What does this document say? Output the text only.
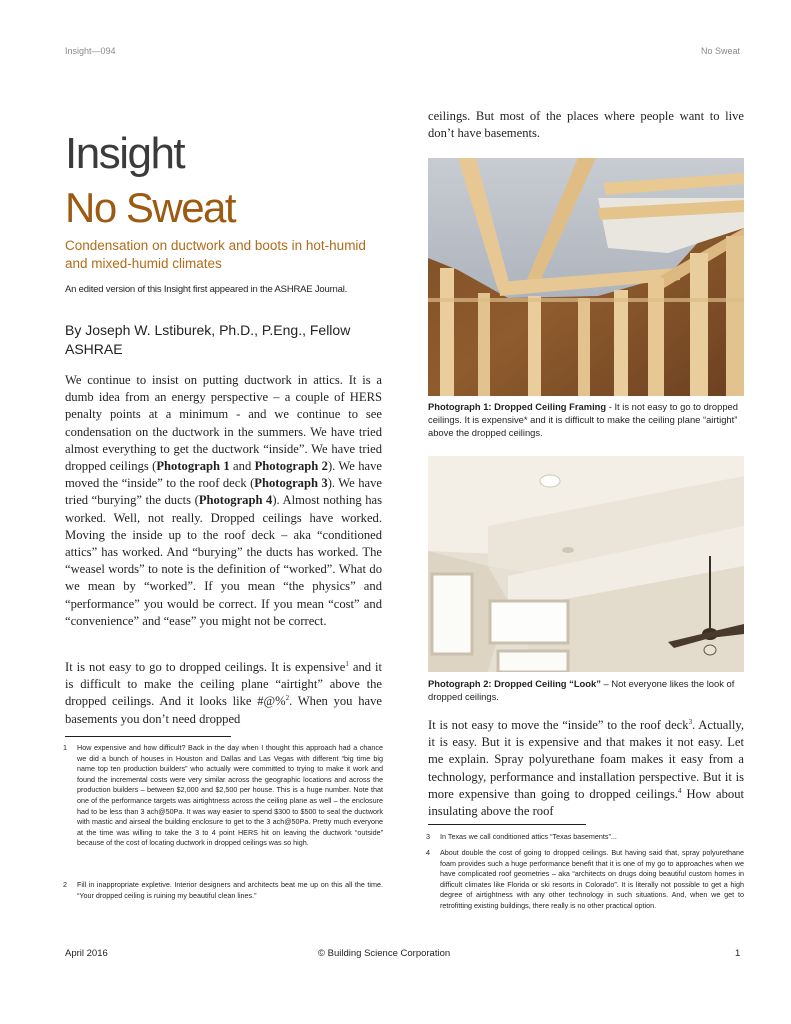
Insight—094	No Sweat
Insight
No Sweat
Condensation on ductwork and boots in hot-humid and mixed-humid climates
An edited version of this Insight first appeared in the ASHRAE Journal.
By Joseph W. Lstiburek, Ph.D., P.Eng., Fellow ASHRAE
We continue to insist on putting ductwork in attics. It is a dumb idea from an energy perspective – a couple of HERS penalty points at a minimum - and we continue to see condensation on the ductwork in the summers. We have tried almost everything to get the ductwork “inside”. We have tried dropped ceilings (Photograph 1 and Photograph 2). We have moved the “inside” to the roof deck (Photograph 3). We have tried “burying” the ducts (Photograph 4). Almost nothing has worked. Well, not really. Dropped ceilings have worked. Moving the inside up to the roof deck – aka “conditioned attics” has worked. And “burying” the ducts has worked. The “weasel words” to note is the definition of “worked”. What do we mean by “worked”. If you mean “the physics” and “performance” you would be correct. If you mean “cost” and “convenience” and “ease” you might not be correct.
It is not easy to go to dropped ceilings. It is expensive$^1$ and it is difficult to make the ceiling plane “airtight” above the dropped ceilings. And it looks like #@%$^2$. When you have basements you don’t need dropped
1 How expensive and how difficult? Back in the day when I thought this approach had a chance we did a bunch of houses in Houston and Dallas and Las Vegas with different “big time big name top ten production builders” who actually were committed to trying to make it work and found the incremental costs were very similar across the geographic locations and across the production builders – between $2,000 and $2,500 per house. This is a huge number. Note that one of the performance targets was airtightness across the ceiling plane as well – the enclosure had to be less than 3 ach@50Pa. It was way easier to spend $300 to $500 to seal the ductwork with mastic and airseal the building enclosure to get to the 3 ach@50Pa. Pretty much everyone at the time was willing to take the 3 to 4 point HERS hit on leaving the ductwork “outside” because of the cost of locating ductwork in dropped ceilings was so high.
2 Fill in inappropriate expletive. Interior designers and architects beat me up on this all the time. “Your dropped ceiling is ruining my beautiful clean lines.”
ceilings. But most of the places where people want to live don’t have basements.
Photograph 1: Dropped Ceiling Framing - It is not easy to go to dropped ceilings. It is expensive* and it is difficult to make the ceiling plane “airtight” above the dropped ceilings.
Photograph 2: Dropped Ceiling “Look” – Not everyone likes the look of dropped ceilings.
It is not easy to move the “inside” to the roof deck$^3$. Actually, it is easy. But it is expensive and that makes it not easy. Let me explain. Spray polyurethane foam makes it easy from a technology, performance and installation perspective. But it is more expensive than going to dropped ceilings.$^4$ How about insulating above the roof
3 In Texas we call conditioned attics “Texas basements”...
4 About double the cost of going to dropped ceilings. But having said that, spray polyurethane foam provides such a huge performance benefit that it is one of my go to approaches when we have complicated roof geometries – aka “architects on drugs doing beautiful custom homes in difficult climates like Florida or ski resorts in Colorado”. It is literally not possible to get a high degree of airtightness with any other technology in such situations. And, when we get to retrofitting existing buildings, there really is no other practical option.
April 2016	© Building Science Corporation	1
